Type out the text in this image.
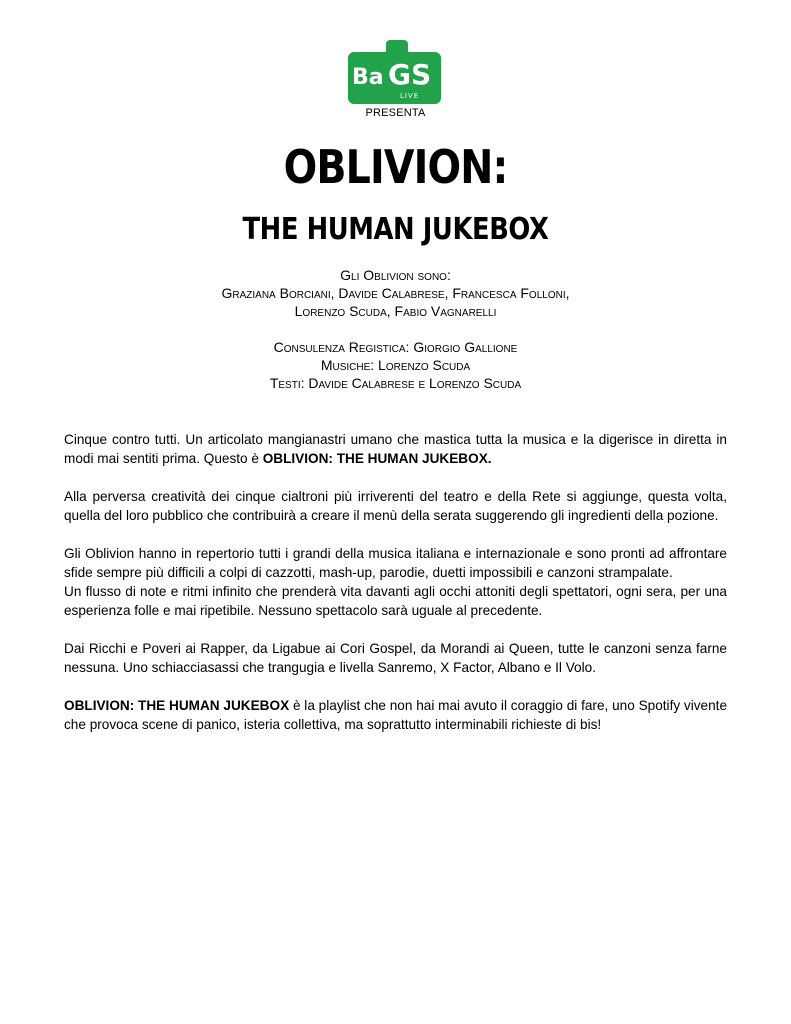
Ba GS
LIVE
PRESENTA
OBLIVION:
THE HUMAN JUKEBOX
Gli Oblivion sono:
Graziana Borciani, Davide Calabrese, Francesca Folloni,
Lorenzo Scuda, Fabio Vagnarelli
Consulenza Registica: Giorgio Gallione
Musiche: Lorenzo Scuda
Testi: Davide Calabrese e Lorenzo Scuda

Cinque contro tutti. Un articolato mangianastri umano che mastica tutta la musica e la digerisce in diretta in modi mai sentiti prima. Questo è OBLIVION: THE HUMAN JUKEBOX.

Alla perversa creatività dei cinque cialtroni più irriverenti del teatro e della Rete si aggiunge, questa volta, quella del loro pubblico che contribuirà a creare il menù della serata suggerendo gli ingredienti della pozione.

Gli Oblivion hanno in repertorio tutti i grandi della musica italiana e internazionale e sono pronti ad affrontare sfide sempre più difficili a colpi di cazzotti, mash-up, parodie, duetti impossibili e canzoni strampalate.

Un flusso di note e ritmi infinito che prenderà vita davanti agli occhi attoniti degli spettatori, ogni sera, per una esperienza folle e mai ripetibile. Nessuno spettacolo sarà uguale al precedente.

Dai Ricchi e Poveri ai Rapper, da Ligabue ai Cori Gospel, da Morandi ai Queen, tutte le canzoni senza farne nessuna. Uno schiacciasassi che trangugia e livella Sanremo, X Factor, Albano e Il Volo.

OBLIVION: THE HUMAN JUKEBOX è la playlist che non hai mai avuto il coraggio di fare, uno Spotify vivente che provoca scene di panico, isteria collettiva, ma soprattutto interminabili richieste di bis!
